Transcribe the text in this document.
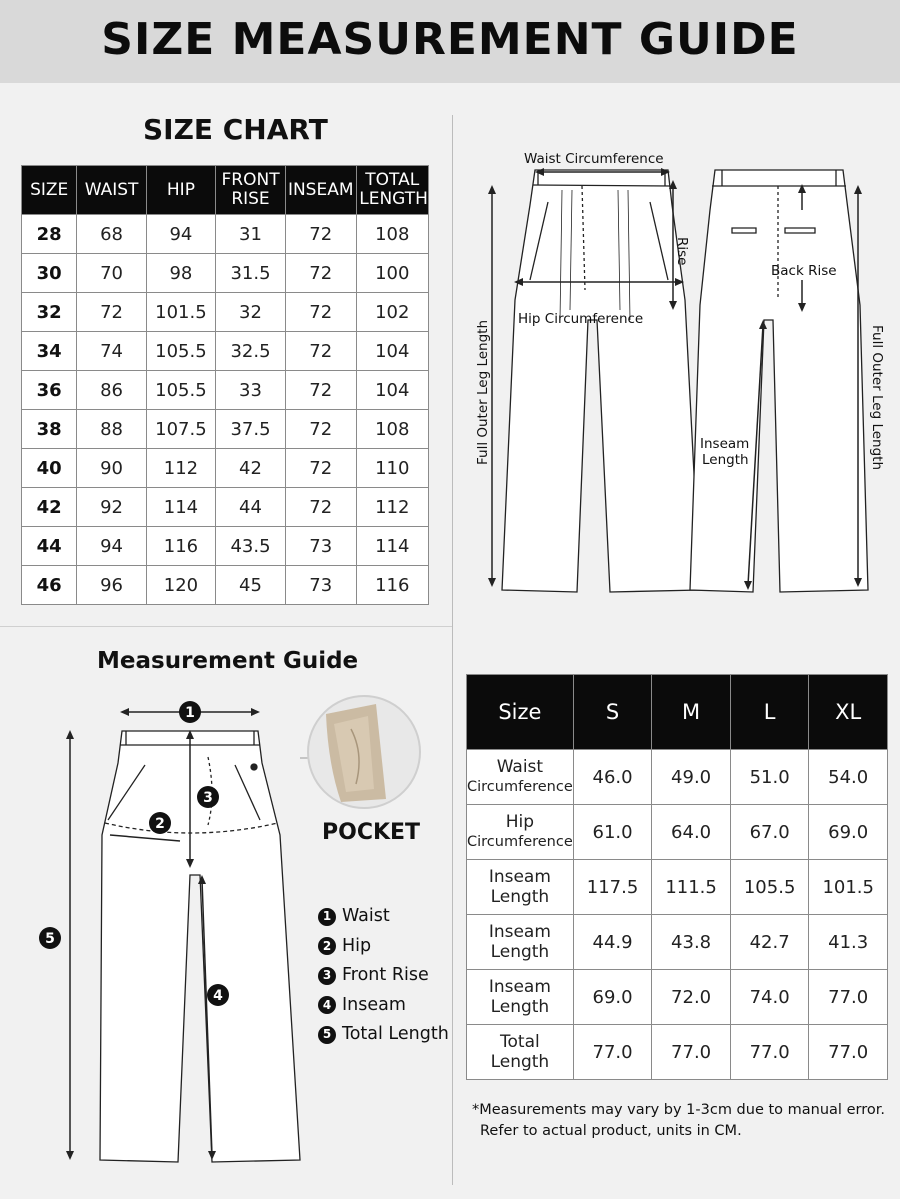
SIZE MEASUREMENT GUIDE
SIZE CHART
SIZE	WAIST	HIP	FRONT RISE	INSEAM	TOTAL LENGTH
28	68	94	31	72	108
30	70	98	31.5	72	100
32	72	101.5	32	72	102
34	74	105.5	32.5	72	104
36	86	105.5	33	72	104
38	88	107.5	37.5	72	108
40	90	112	42	72	110
42	92	114	44	72	112
44	94	116	43.5	73	114
46	96	120	45	73	116
Waist Circumference
Rise
Hip Circumference
Back Rise
Inseam
Length
Full Outer Leg Length	Full Outer Leg Length
Measurement Guide
1
2
3
4
5
POCKET
1 Waist
2 Hip
3 Front Rise
4 Inseam
5 Total Length
Size	S	M	L	XL

Waist
Circumference	46.0	49.0	51.0	54.0

Hip
Circumference	61.0	64.0	67.0	69.0

Inseam
Length	117.5	111.5	105.5	101.5

Inseam
Length	44.9	43.8	42.7	41.3

Inseam
Length	69.0	72.0	74.0	77.0

Total
Length	77.0	77.0	77.0	77.0
*Measurements may vary by 1-3cm due to manual error.
Refer to actual product, units in CM.
